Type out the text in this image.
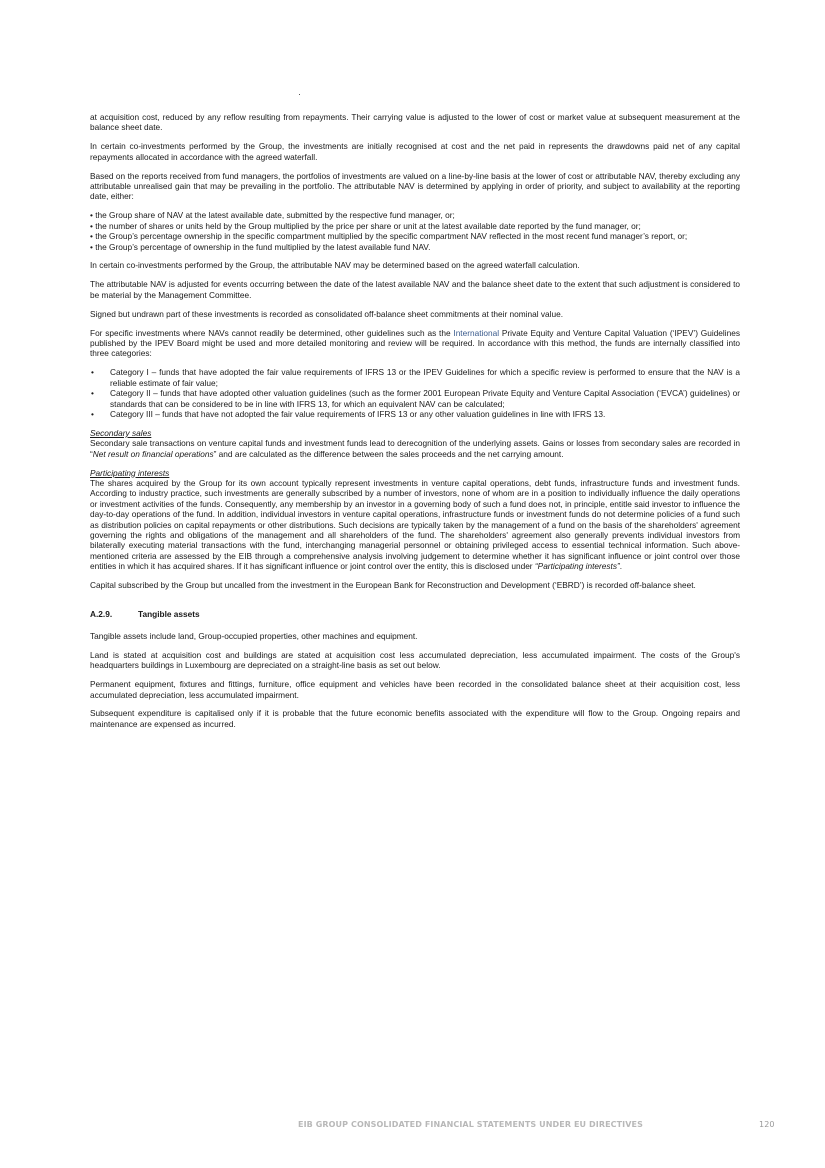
at acquisition cost, reduced by any reflow resulting from repayments. Their carrying value is adjusted to the lower of cost or market value at subsequent measurement at the balance sheet date.

In certain co-investments performed by the Group, the investments are initially recognised at cost and the net paid in represents the drawdowns paid net of any capital repayments allocated in accordance with the agreed waterfall.

Based on the reports received from fund managers, the portfolios of investments are valued on a line-by-line basis at the lower of cost or attributable NAV, thereby excluding any attributable unrealised gain that may be prevailing in the portfolio. The attributable NAV is determined by applying in order of priority, and subject to availability at the reporting date, either:

• the Group share of NAV at the latest available date, submitted by the respective fund manager, or;
• the number of shares or units held by the Group multiplied by the price per share or unit at the latest available date reported by the fund manager, or;
• the Group’s percentage ownership in the specific compartment multiplied by the specific compartment NAV reflected in the most recent fund manager’s report, or;
• the Group’s percentage of ownership in the fund multiplied by the latest available fund NAV.

In certain co-investments performed by the Group, the attributable NAV may be determined based on the agreed waterfall calculation.

The attributable NAV is adjusted for events occurring between the date of the latest available NAV and the balance sheet date to the extent that such adjustment is considered to be material by the Management Committee.

Signed but undrawn part of these investments is recorded as consolidated off-balance sheet commitments at their nominal value.

For specific investments where NAVs cannot readily be determined, other guidelines such as the International Private Equity and Venture Capital Valuation (‘IPEV’) Guidelines published by the IPEV Board might be used and more detailed monitoring and review will be required. In accordance with this method, the funds are internally classified into three categories:

• Category I – funds that have adopted the fair value requirements of IFRS 13 or the IPEV Guidelines for which a specific review is performed to ensure that the NAV is a reliable estimate of fair value;
• Category II – funds that have adopted other valuation guidelines (such as the former 2001 European Private Equity and Venture Capital Association (‘EVCA’) guidelines) or standards that can be considered to be in line with IFRS 13, for which an equivalent NAV can be calculated;
• Category III – funds that have not adopted the fair value requirements of IFRS 13 or any other valuation guidelines in line with IFRS 13.

Secondary sales
Secondary sale transactions on venture capital funds and investment funds lead to derecognition of the underlying assets. Gains or losses from secondary sales are recorded in “Net result on financial operations” and are calculated as the difference between the sales proceeds and the net carrying amount.

Participating interests
The shares acquired by the Group for its own account typically represent investments in venture capital operations, debt funds, infrastructure funds and investment funds. According to industry practice, such investments are generally subscribed by a number of investors, none of whom are in a position to individually influence the daily operations or investment activities of the funds. Consequently, any membership by an investor in a governing body of such a fund does not, in principle, entitle said investor to influence the day-to-day operations of the fund. In addition, individual investors in venture capital operations, infrastructure funds or investment funds do not determine policies of a fund such as distribution policies on capital repayments or other distributions. Such decisions are typically taken by the management of a fund on the basis of the shareholders' agreement governing the rights and obligations of the management and all shareholders of the fund. The shareholders' agreement also generally prevents individual investors from bilaterally executing material transactions with the fund, interchanging managerial personnel or obtaining privileged access to essential technical information. Such above-mentioned criteria are assessed by the EIB through a comprehensive analysis involving judgement to determine whether it has significant influence or joint control over those entities in which it has acquired shares. If it has significant influence or joint control over the entity, this is disclosed under “Participating interests”.

Capital subscribed by the Group but uncalled from the investment in the European Bank for Reconstruction and Development (‘EBRD’) is recorded off-balance sheet.

A.2.9.	Tangible assets

Tangible assets include land, Group-occupied properties, other machines and equipment.

Land is stated at acquisition cost and buildings are stated at acquisition cost less accumulated depreciation, less accumulated impairment. The costs of the Group's headquarters buildings in Luxembourg are depreciated on a straight-line basis as set out below.

Permanent equipment, fixtures and fittings, furniture, office equipment and vehicles have been recorded in the consolidated balance sheet at their acquisition cost, less accumulated depreciation, less accumulated impairment.

Subsequent expenditure is capitalised only if it is probable that the future economic benefits associated with the expenditure will flow to the Group. Ongoing repairs and maintenance are expensed as incurred.

EIB GROUP CONSOLIDATED FINANCIAL STATEMENTS UNDER EU DIRECTIVES	120
